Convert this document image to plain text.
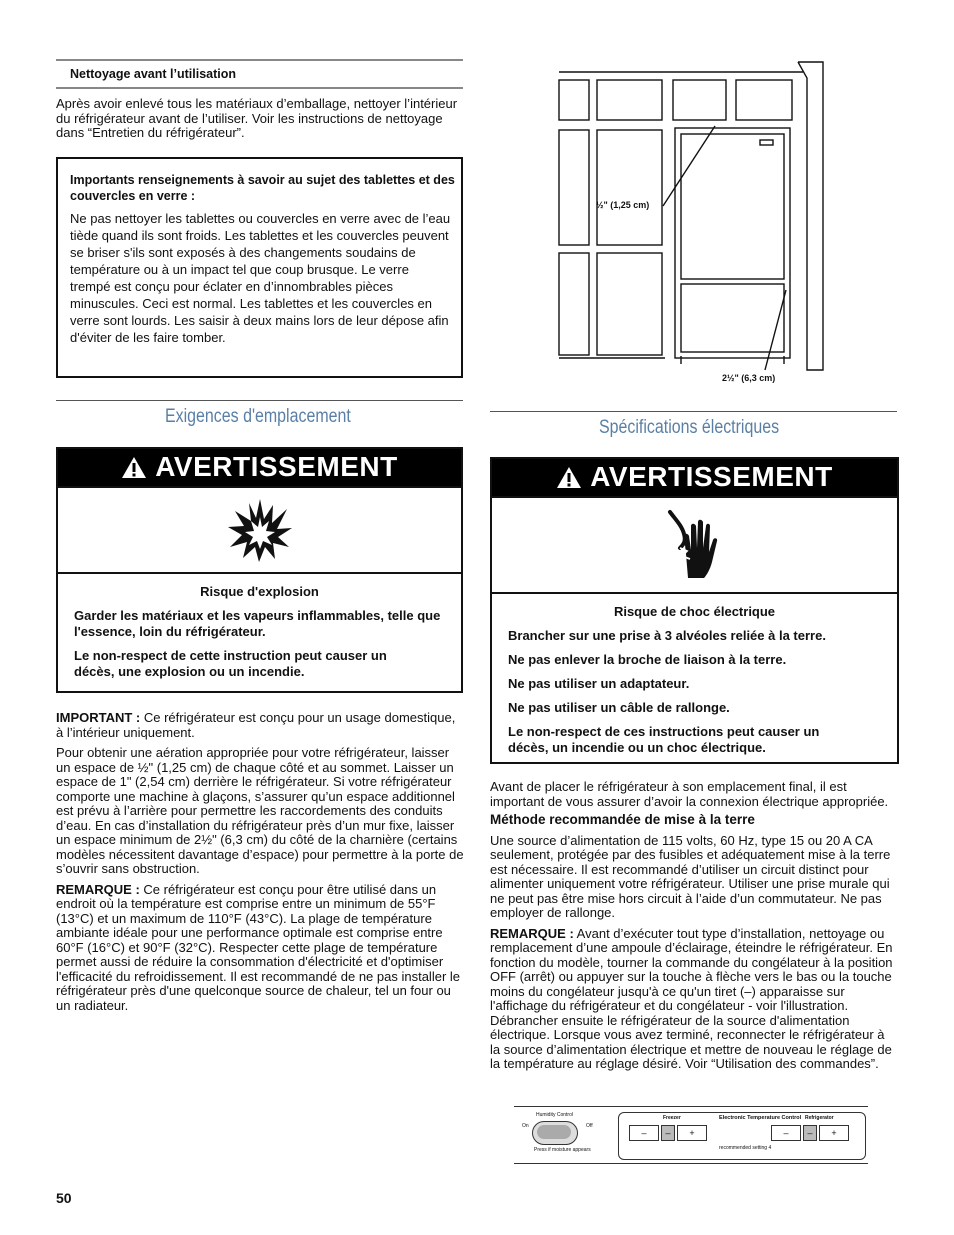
Nettoyage avant l’utilisation
Après avoir enlevé tous les matériaux d’emballage, nettoyer l’intérieur du réfrigérateur avant de l’utiliser. Voir les instructions de nettoyage dans “Entretien du réfrigérateur”.
Importants renseignements à savoir au sujet des tablettes et des couvercles en verre :
Ne pas nettoyer les tablettes ou couvercles en verre avec de l’eau tiède quand ils sont froids. Les tablettes et les couvercles peuvent se briser s'ils sont exposés à des changements soudains de température ou à un impact tel que coup brusque. Le verre trempé est conçu pour éclater en d’innombrables pièces minuscules. Ceci est normal. Les tablettes et les couvercles en verre sont lourds. Les saisir à deux mains lors de leur dépose afin d'éviter de les faire tomber.
½" (1,25 cm)
2½" (6,3 cm)
Exigences d'emplacement
AVERTISSEMENT

Risque d'explosion

Garder les matériaux et les vapeurs inflammables, telle que l'essence, loin du réfrigérateur.

Le non-respect de cette instruction peut causer un décès, une explosion ou un incendie.

IMPORTANT : Ce réfrigérateur est conçu pour un usage domestique, à l’intérieur uniquement.

Pour obtenir une aération appropriée pour votre réfrigérateur, laisser un espace de ½" (1,25 cm) de chaque côté et au sommet. Laisser un espace de 1" (2,54 cm) derrière le réfrigérateur. Si votre réfrigérateur comporte une machine à glaçons, s’assurer qu’un espace additionnel est prévu à l’arrière pour permettre les raccordements des conduits d’eau. En cas d’installation du réfrigérateur près d’un mur fixe, laisser un espace minimum de 2½" (6,3 cm) du côté de la charnière (certains modèles nécessitent davantage d’espace) pour permettre à la porte de s’ouvrir sans obstruction.

REMARQUE : Ce réfrigérateur est conçu pour être utilisé dans un endroit où la température est comprise entre un minimum de 55°F (13°C) et un maximum de 110°F (43°C). La plage de température ambiante idéale pour une performance optimale est comprise entre 60°F (16°C) et 90°F (32°C). Respecter cette plage de température permet aussi de réduire la consommation d'électricité et d'optimiser l'efficacité du refroidissement. Il est recommandé de ne pas installer le réfrigérateur près d'une quelconque source de chaleur, tel un four ou un radiateur.

Spécifications électriques
AVERTISSEMENT

Risque de choc électrique

Brancher sur une prise à 3 alvéoles reliée à la terre.

Ne pas enlever la broche de liaison à la terre.

Ne pas utiliser un adaptateur.

Ne pas utiliser un câble de rallonge.

Le non-respect de ces instructions peut causer un décès, un incendie ou un choc électrique.

Avant de placer le réfrigérateur à son emplacement final, il est important de vous assurer d’avoir la connexion électrique appropriée.

Méthode recommandée de mise à la terre

Une source d’alimentation de 115 volts, 60 Hz, type 15 ou 20 A CA seulement, protégée par des fusibles et adéquatement mise à la terre est nécessaire. Il est recommandé d’utiliser un circuit distinct pour alimenter uniquement votre réfrigérateur. Utiliser une prise murale qui ne peut pas être mise hors circuit à l’aide d’un commutateur. Ne pas employer de rallonge.

REMARQUE : Avant d’exécuter tout type d’installation, nettoyage ou remplacement d’une ampoule d’éclairage, éteindre le réfrigérateur. En fonction du modèle, tourner la commande du congélateur à la position OFF (arrêt) ou appuyer sur la touche à flèche vers le bas ou la touche moins du congélateur jusqu'à ce qu'un tiret (–) apparaisse sur l'affichage du réfrigérateur et du congélateur - voir l'illustration. Débrancher ensuite le réfrigérateur de la source d'alimentation électrique. Lorsque vous avez terminé, reconnecter le réfrigérateur à la source d’alimentation électrique et mettre de nouveau le réglage de la température au réglage désiré. Voir “Utilisation des commandes”.

Humidity Control
On	Off
Press if moisture appears
Electronic Temperature Control
Freezer	Refrigerator
–	–	+
recommended setting 4
–	–	+
50
